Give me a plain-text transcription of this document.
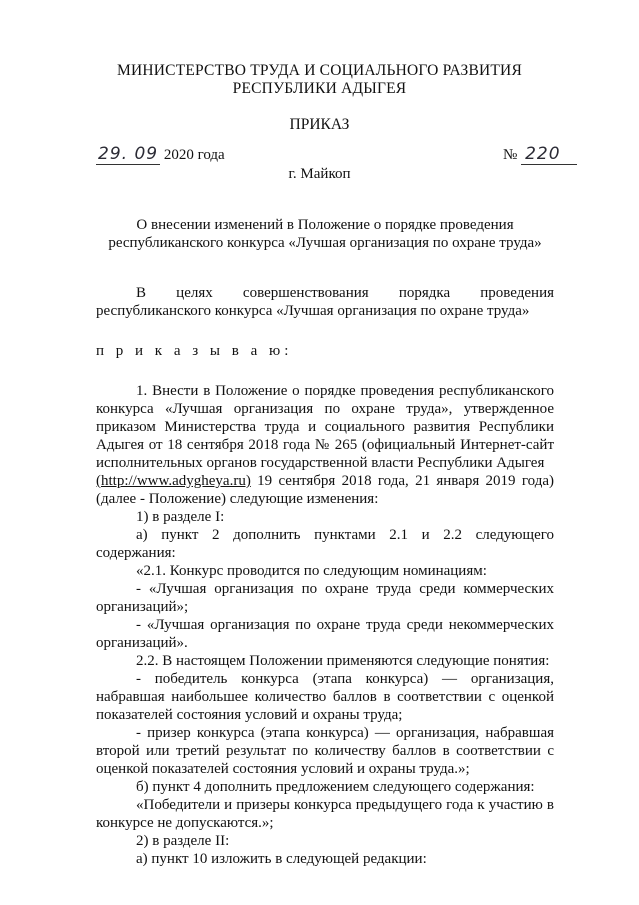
МИНИСТЕРСТВО ТРУДА И СОЦИАЛЬНОГО РАЗВИТИЯ
РЕСПУБЛИКИ АДЫГЕЯ
ПРИКАЗ
29. 09 2020 года	№ 220
г. Майкоп
О внесении изменений в Положение о порядке проведения
республиканского конкурса «Лучшая организация по охране труда»

В целях совершенствования порядка проведения республиканского конкурса «Лучшая организация по охране труда»

п р и к а з ы в а ю:

1. Внести в Положение о порядке проведения республиканского конкурса «Лучшая организация по охране труда», утвержденное приказом Министерства труда и социального развития Республики Адыгея от 18 сентября 2018 года № 265 (официальный Интернет-сайт исполнительных органов государственной власти Республики Адыгея
(http://www.adygheya.ru) 19 сентября 2018 года, 21 января 2019 года) (далее - Положение) следующие изменения:

1) в разделе I:

а) пункт 2 дополнить пунктами 2.1 и 2.2 следующего содержания:

«2.1. Конкурс проводится по следующим номинациям:

- «Лучшая организация по охране труда среди коммерческих организаций»;

- «Лучшая организация по охране труда среди некоммерческих организаций».

2.2. В настоящем Положении применяются следующие понятия:

- победитель конкурса (этапа конкурса) — организация, набравшая наибольшее количество баллов в соответствии с оценкой показателей состояния условий и охраны труда;

- призер конкурса (этапа конкурса) — организация, набравшая второй или третий результат по количеству баллов в соответствии с оценкой показателей состояния условий и охраны труда.»;

б) пункт 4 дополнить предложением следующего содержания:

«Победители и призеры конкурса предыдущего года к участию в конкурсе не допускаются.»;

2) в разделе II:

а) пункт 10 изложить в следующей редакции:
